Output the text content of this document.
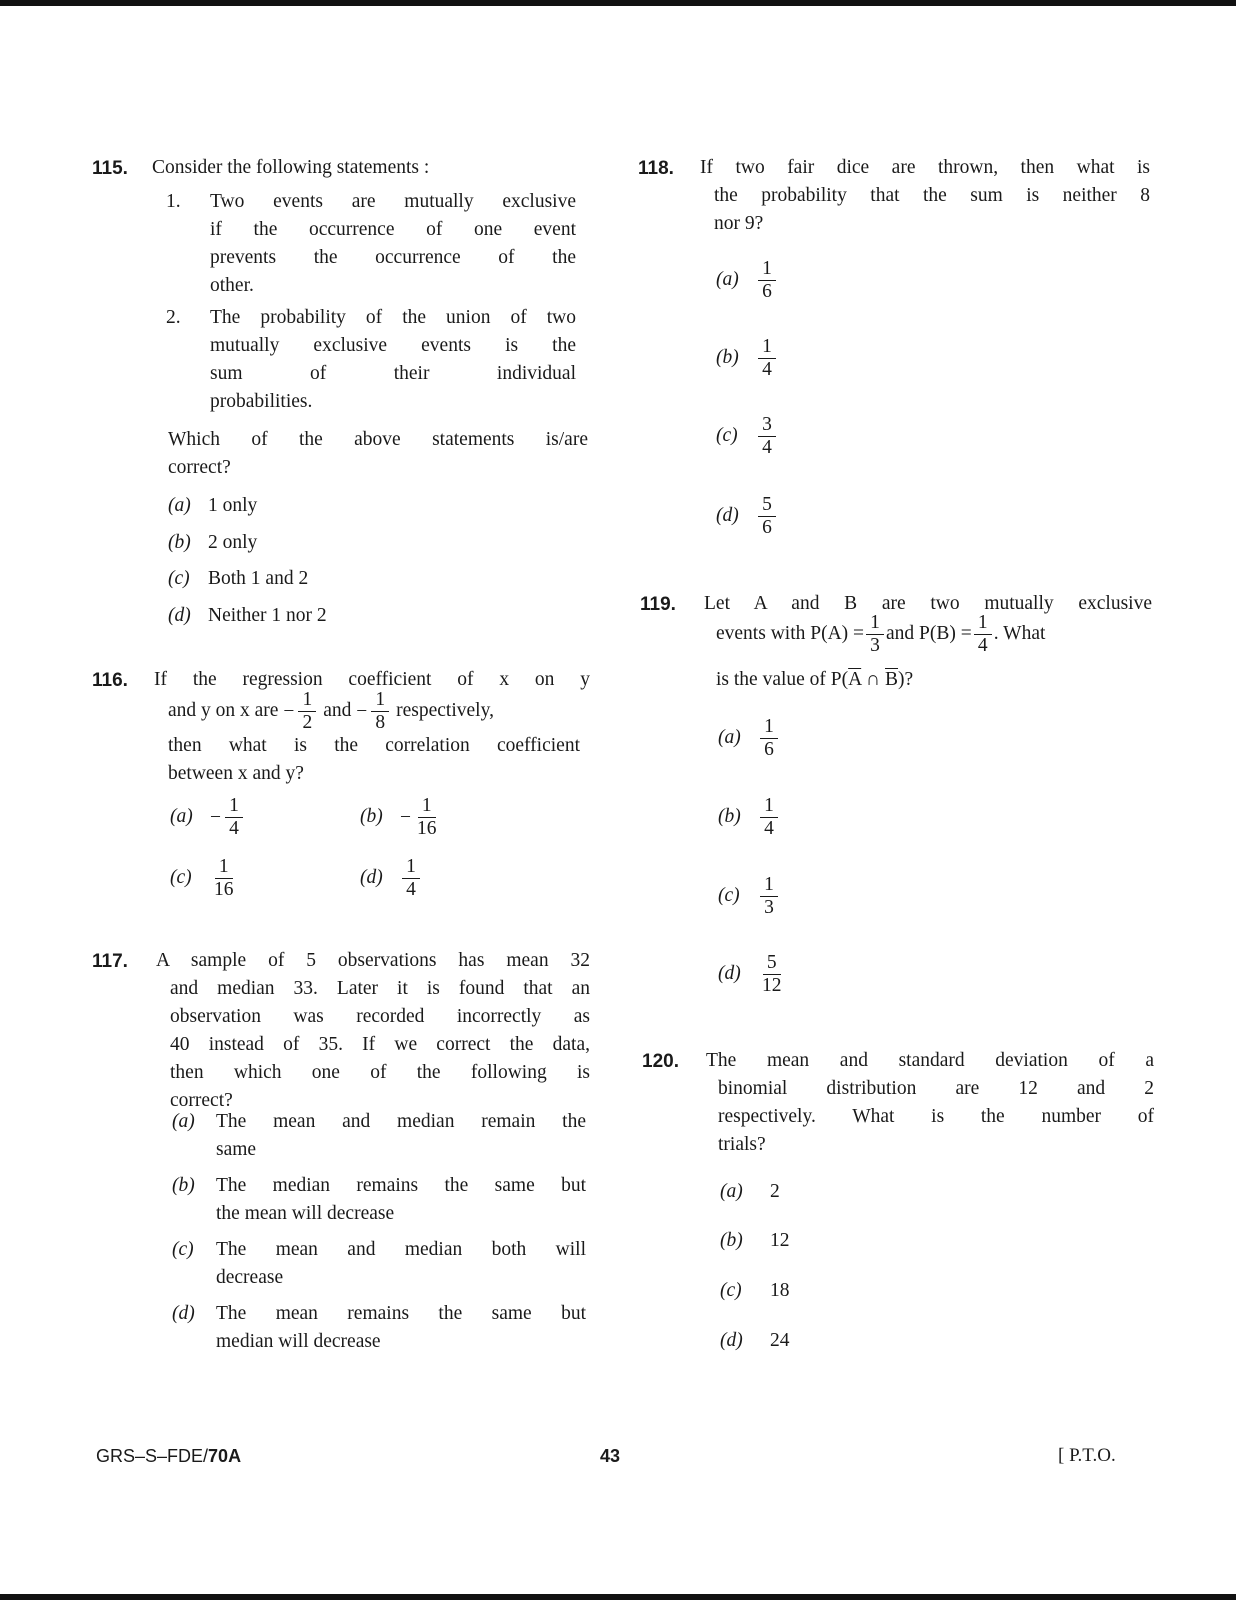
115. Consider the following statements :
1. Two events are mutually exclusive
if the occurrence of one event
prevents the occurrence of the
other.
2. The probability of the union of two
mutually exclusive events is the
sum of their individual
probabilities.
Which of the above statements is/are
correct?
(a) 1 only
(b) 2 only
(c) Both 1 and 2
(d) Neither 1 nor 2
116. If the regression coefficient of x on y
and y on x are − $\frac{1}{2}$ and − $\frac{1}{8}$ respectively,
then what is the correlation coefficient
between x and y?
$(a) - \frac{1}{4}$	$(b) - \frac{1}{16}$
$(c) \frac{1}{16}$	$(d) \frac{1}{4}$
117. A sample of 5 observations has mean 32
and median 33. Later it is found that an
observation was recorded incorrectly as
40 instead of 35. If we correct the data,
then which one of the following is
correct?
(a)	The mean and median remain the
same
(b)	The median remains the same but
the mean will decrease
(c)	The mean and median both will
decrease
(d)	The mean remains the same but
median will decrease
118. If two fair dice are thrown, then what is
the probability that the sum is neither 8
nor 9?
$(a) \frac{1}{6}$
$(b) \frac{1}{4}$
$(c) \frac{3}{4}$
$(d) \frac{5}{6}$
119. Let A and B are two mutually exclusive
events with $P(A) = \frac{1}{3}$ and $P(B) = \frac{1}{4}$ . What
is the value of $P(\overline{A}$ ∩ $\overline{B}$)?
$(a) \frac{1}{6}$
$(b) \frac{1}{4}$
$(c) \frac{1}{3}$
$(d) \frac{5}{12}$
120. The mean and standard deviation of a
binomial distribution are 12 and 2
respectively. What is the number of
trials?
(a) 2
(b) 12
(c) 18
(d) 24
GRS–S–FDE/70A	43	[ P.T.O.
